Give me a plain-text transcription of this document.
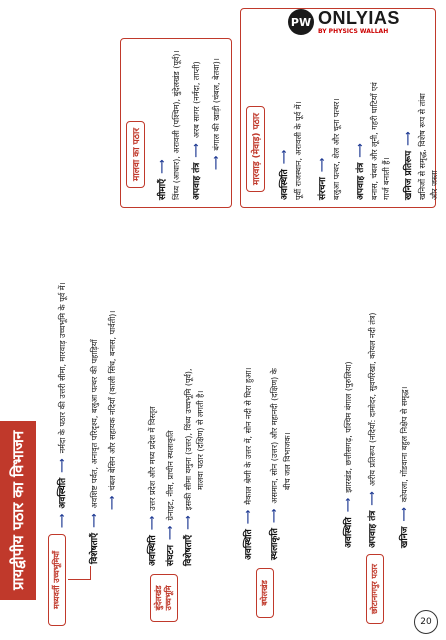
PW ONLYIAS
BY PHYSICS WALLAH
20
प्रायद्वीपीय पठार का विभाजन	मध्यवर्ती उच्चभूमियाँ
⟶ अवस्थिति ⟶ नर्मदा के पठार की उत्तरी सीमा, मारवाड़ उच्चभूमि के पूर्व में।
विशेषताएँ ⟶ अवशिष्ट पर्वत, अनावृत परिदृश्य, बलुआ पत्थर की पहाड़ियाँ ⟶ चंबल बेसिन और सहायक नदियाँ (काली सिंध, बनास, पार्वती)।
बुंदेलखंड उच्चभूमि
अवस्थिति ⟶ उत्तर प्रदेश और मध्य प्रदेश में विस्तृत
संघटन ⟶ ग्रेनाइट, नीस, प्राचीन स्थलाकृति
विशेषताएँ ⟶ इसकी सीमा यमुना (उत्तर), विंध्य उच्चभूमि (पूर्व), मालवा पठार (दक्षिण) से लगती है।
बघेलखंड
अवस्थिति ⟶ मैकाल श्रेणी के उत्तर में, सोन नदी से घिरा हुआ।
स्थलाकृति ⟶ असमान, सोन (उत्तर) और महानदी (दक्षिण) के बीच जल विभाजक।
छोटानागपुर पठार
अवस्थिति ⟶ झारखंड, छत्तीसगढ़, पश्चिम बंगाल (पुरुलिया)
अपवाह तंत्र ⟶ अरीय प्रतिरूप (नदियाँ: दामोदर, सुवर्णरेखा, कोयल नदी तंत्र)
खनिज ⟶ कोयला, गोंडवाना बहुल निक्षेप से समृद्ध।
मालवा का पठार
सीमाएँ ⟶ विंध्य (आधार), अरावली (पश्चिम), बुंदेलखंड (पूर्व)।	अपवाह तंत्र ⟶ अरब सागर (नर्मदा, ताप्ती)
⟶ बंगाल की खाड़ी (चंबल, बेतवा)।	मारवाड़ (मेवाड़) पठार	अवस्थिति ⟶ पूर्वी राजस्थान, अरावली के पूर्व में।	संरचना ⟶ बलुआ पत्थर, शेल और चूना पत्थर।	अपवाह तंत्र ⟶ बनास, चंबल और लूनी, गहरी घाटियाँ एवं गार्ज बनाती हैं।	खनिज प्रतिरूप ⟶ खनिजों से समृद्ध, विशेष रूप से तांबा और जस्ता
